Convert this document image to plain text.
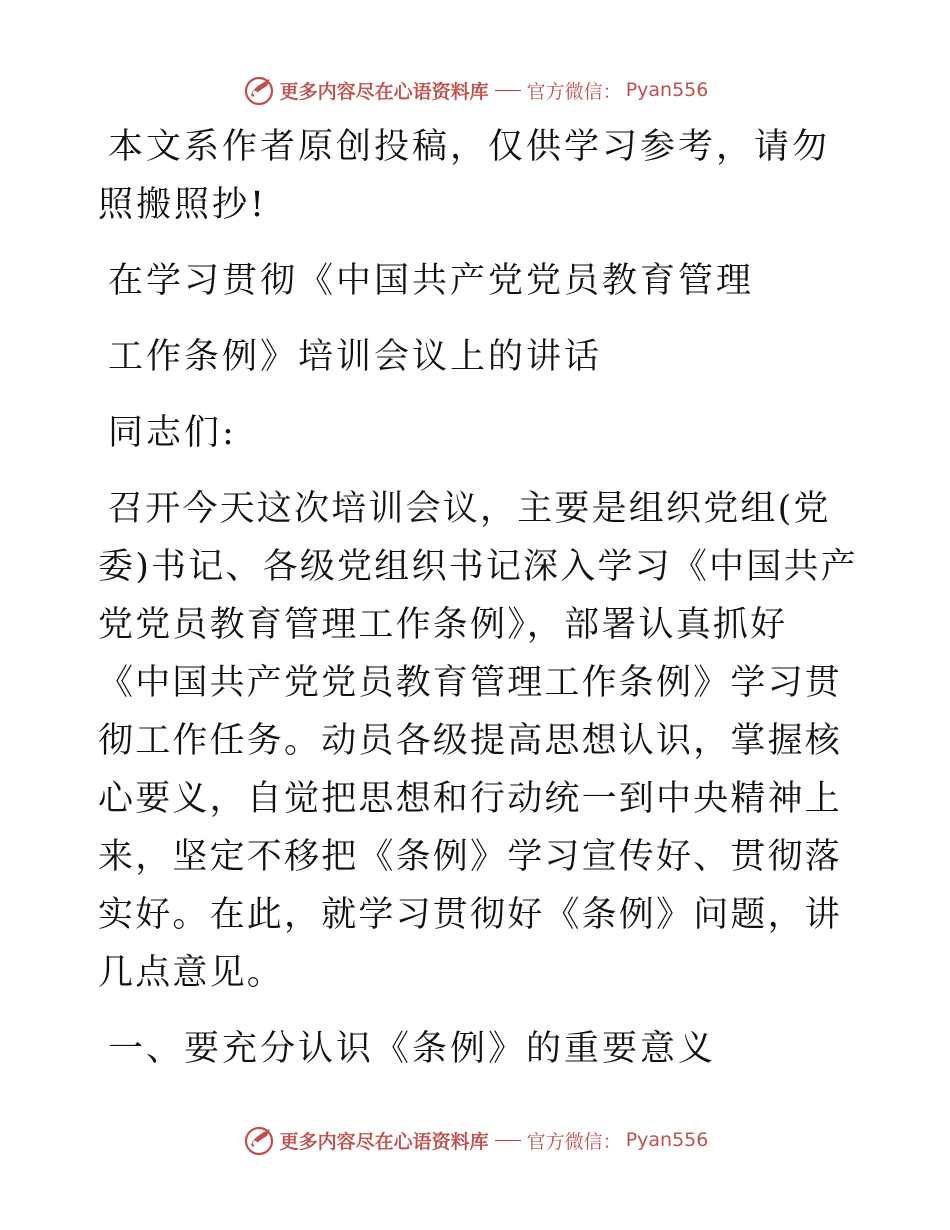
更多内容尽在心语资料库 官方微信： Pyan556

本文系作者原创投稿，仅供学习参考，请勿照搬照抄!

在学习贯彻《中国共产党党员教育管理

工作条例》培训会议上的讲话

同志们:

召开今天这次培训会议，主要是组织党组(党委)书记、各级党组织书记深入学习《中国共产党党员教育管理工作条例》，部署认真抓好《中国共产党党员教育管理工作条例》学习贯彻工作任务。动员各级提高思想认识，掌握核心要义，自觉把思想和行动统一到中央精神上来，坚定不移把《条例》学习宣传好、贯彻落实好。在此，就学习贯彻好《条例》问题，讲几点意见。

一、要充分认识《条例》的重要意义

更多内容尽在心语资料库 官方微信： Pyan556
